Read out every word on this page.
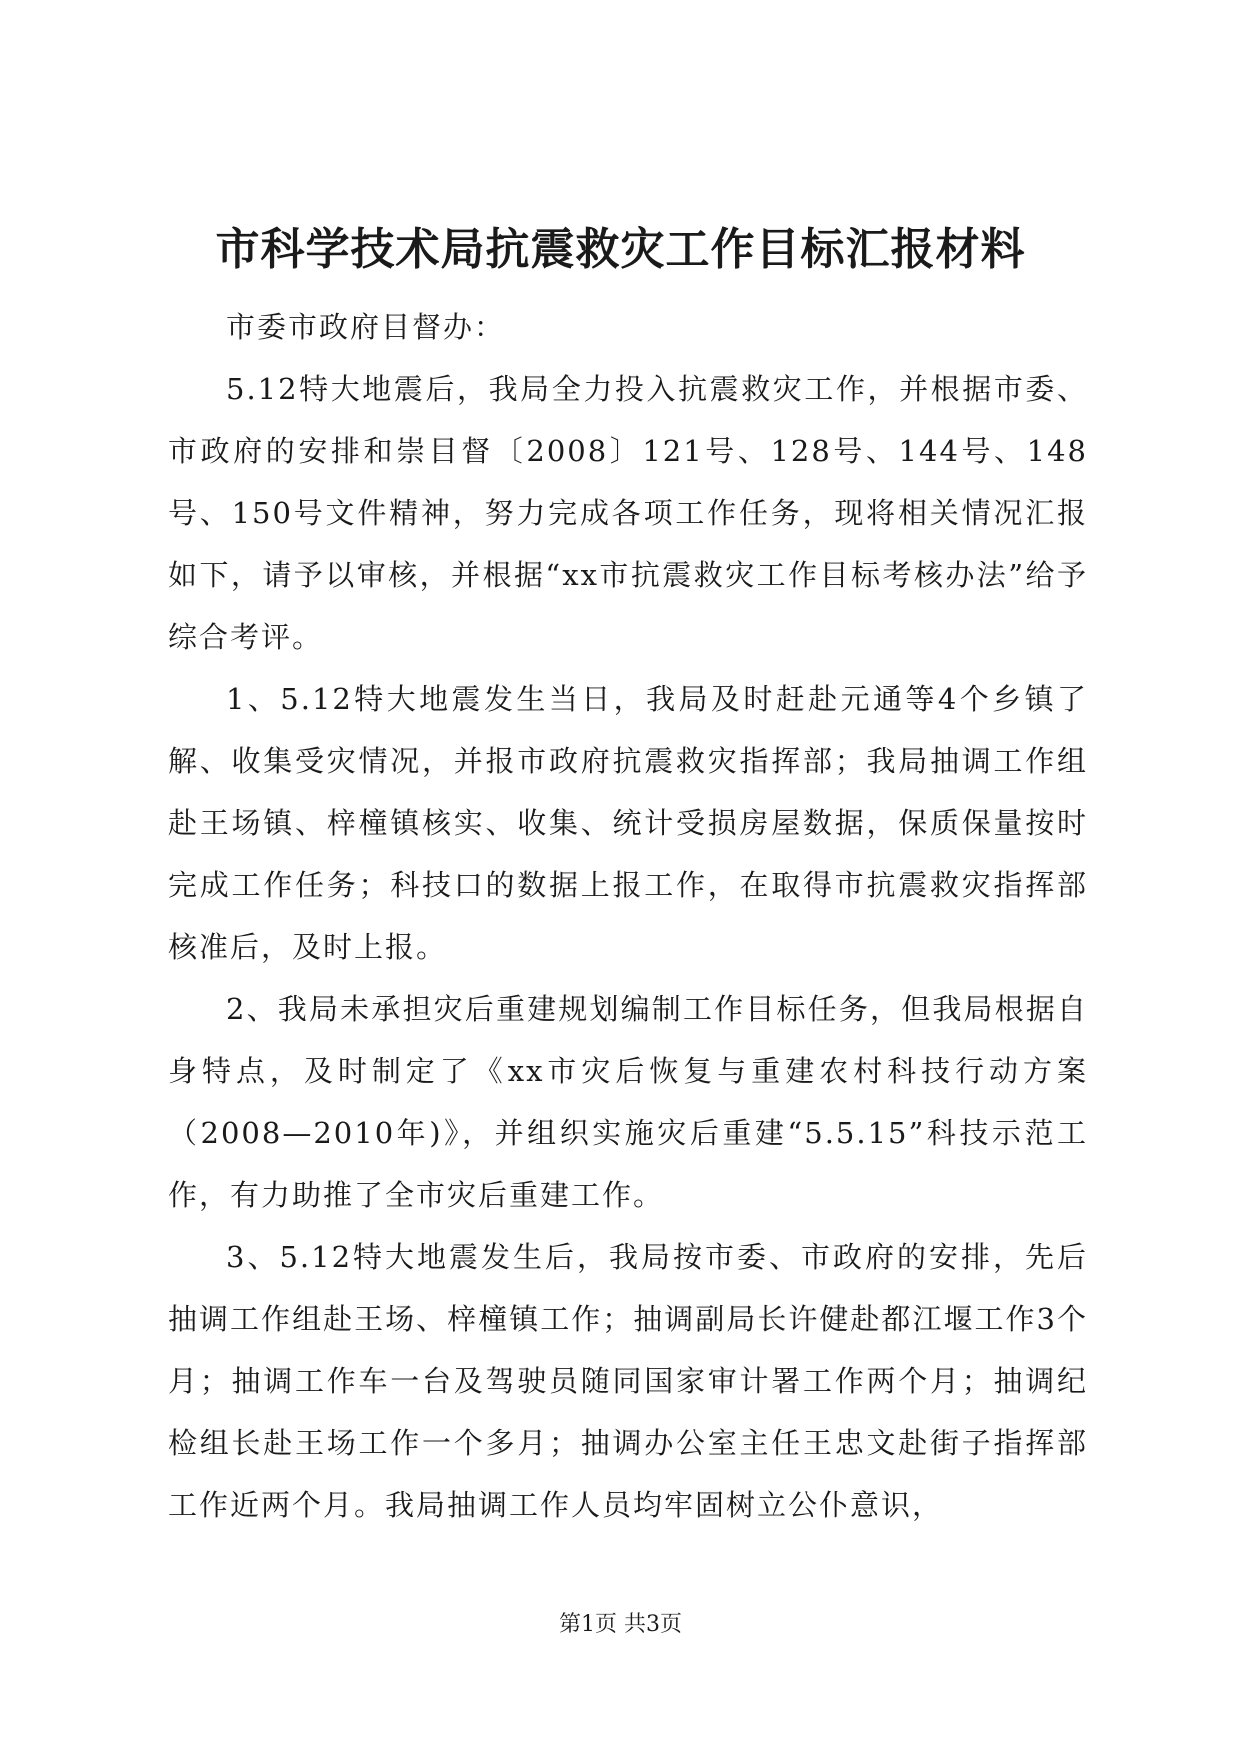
市科学技术局抗震救灾工作目标汇报材料

市委市政府目督办：

5.12特大地震后，我局全力投入抗震救灾工作，并根据市委、市政府的安排和崇目督〔2008〕121号、128号、144号、148号、150号文件精神，努力完成各项工作任务，现将相关情况汇报如下，请予以审核，并根据“xx市抗震救灾工作目标考核办法”给予综合考评。

1、5.12特大地震发生当日，我局及时赶赴元通等4个乡镇了解、收集受灾情况，并报市政府抗震救灾指挥部；我局抽调工作组赴王场镇、梓橦镇核实、收集、统计受损房屋数据，保质保量按时完成工作任务；科技口的数据上报工作，在取得市抗震救灾指挥部核准后，及时上报。

2、我局未承担灾后重建规划编制工作目标任务，但我局根据自身特点，及时制定了《xx市灾后恢复与重建农村科技行动方案（2008—2010年)》，并组织实施灾后重建“5.5.15”科技示范工作，有力助推了全市灾后重建工作。

3、5.12特大地震发生后，我局按市委、市政府的安排，先后抽调工作组赴王场、梓橦镇工作；抽调副局长许健赴都江堰工作3个月；抽调工作车一台及驾驶员随同国家审计署工作两个月；抽调纪检组长赴王场工作一个多月；抽调办公室主任王忠文赴街子指挥部工作近两个月。我局抽调工作人员均牢固树立公仆意识，

第1页 共3页
